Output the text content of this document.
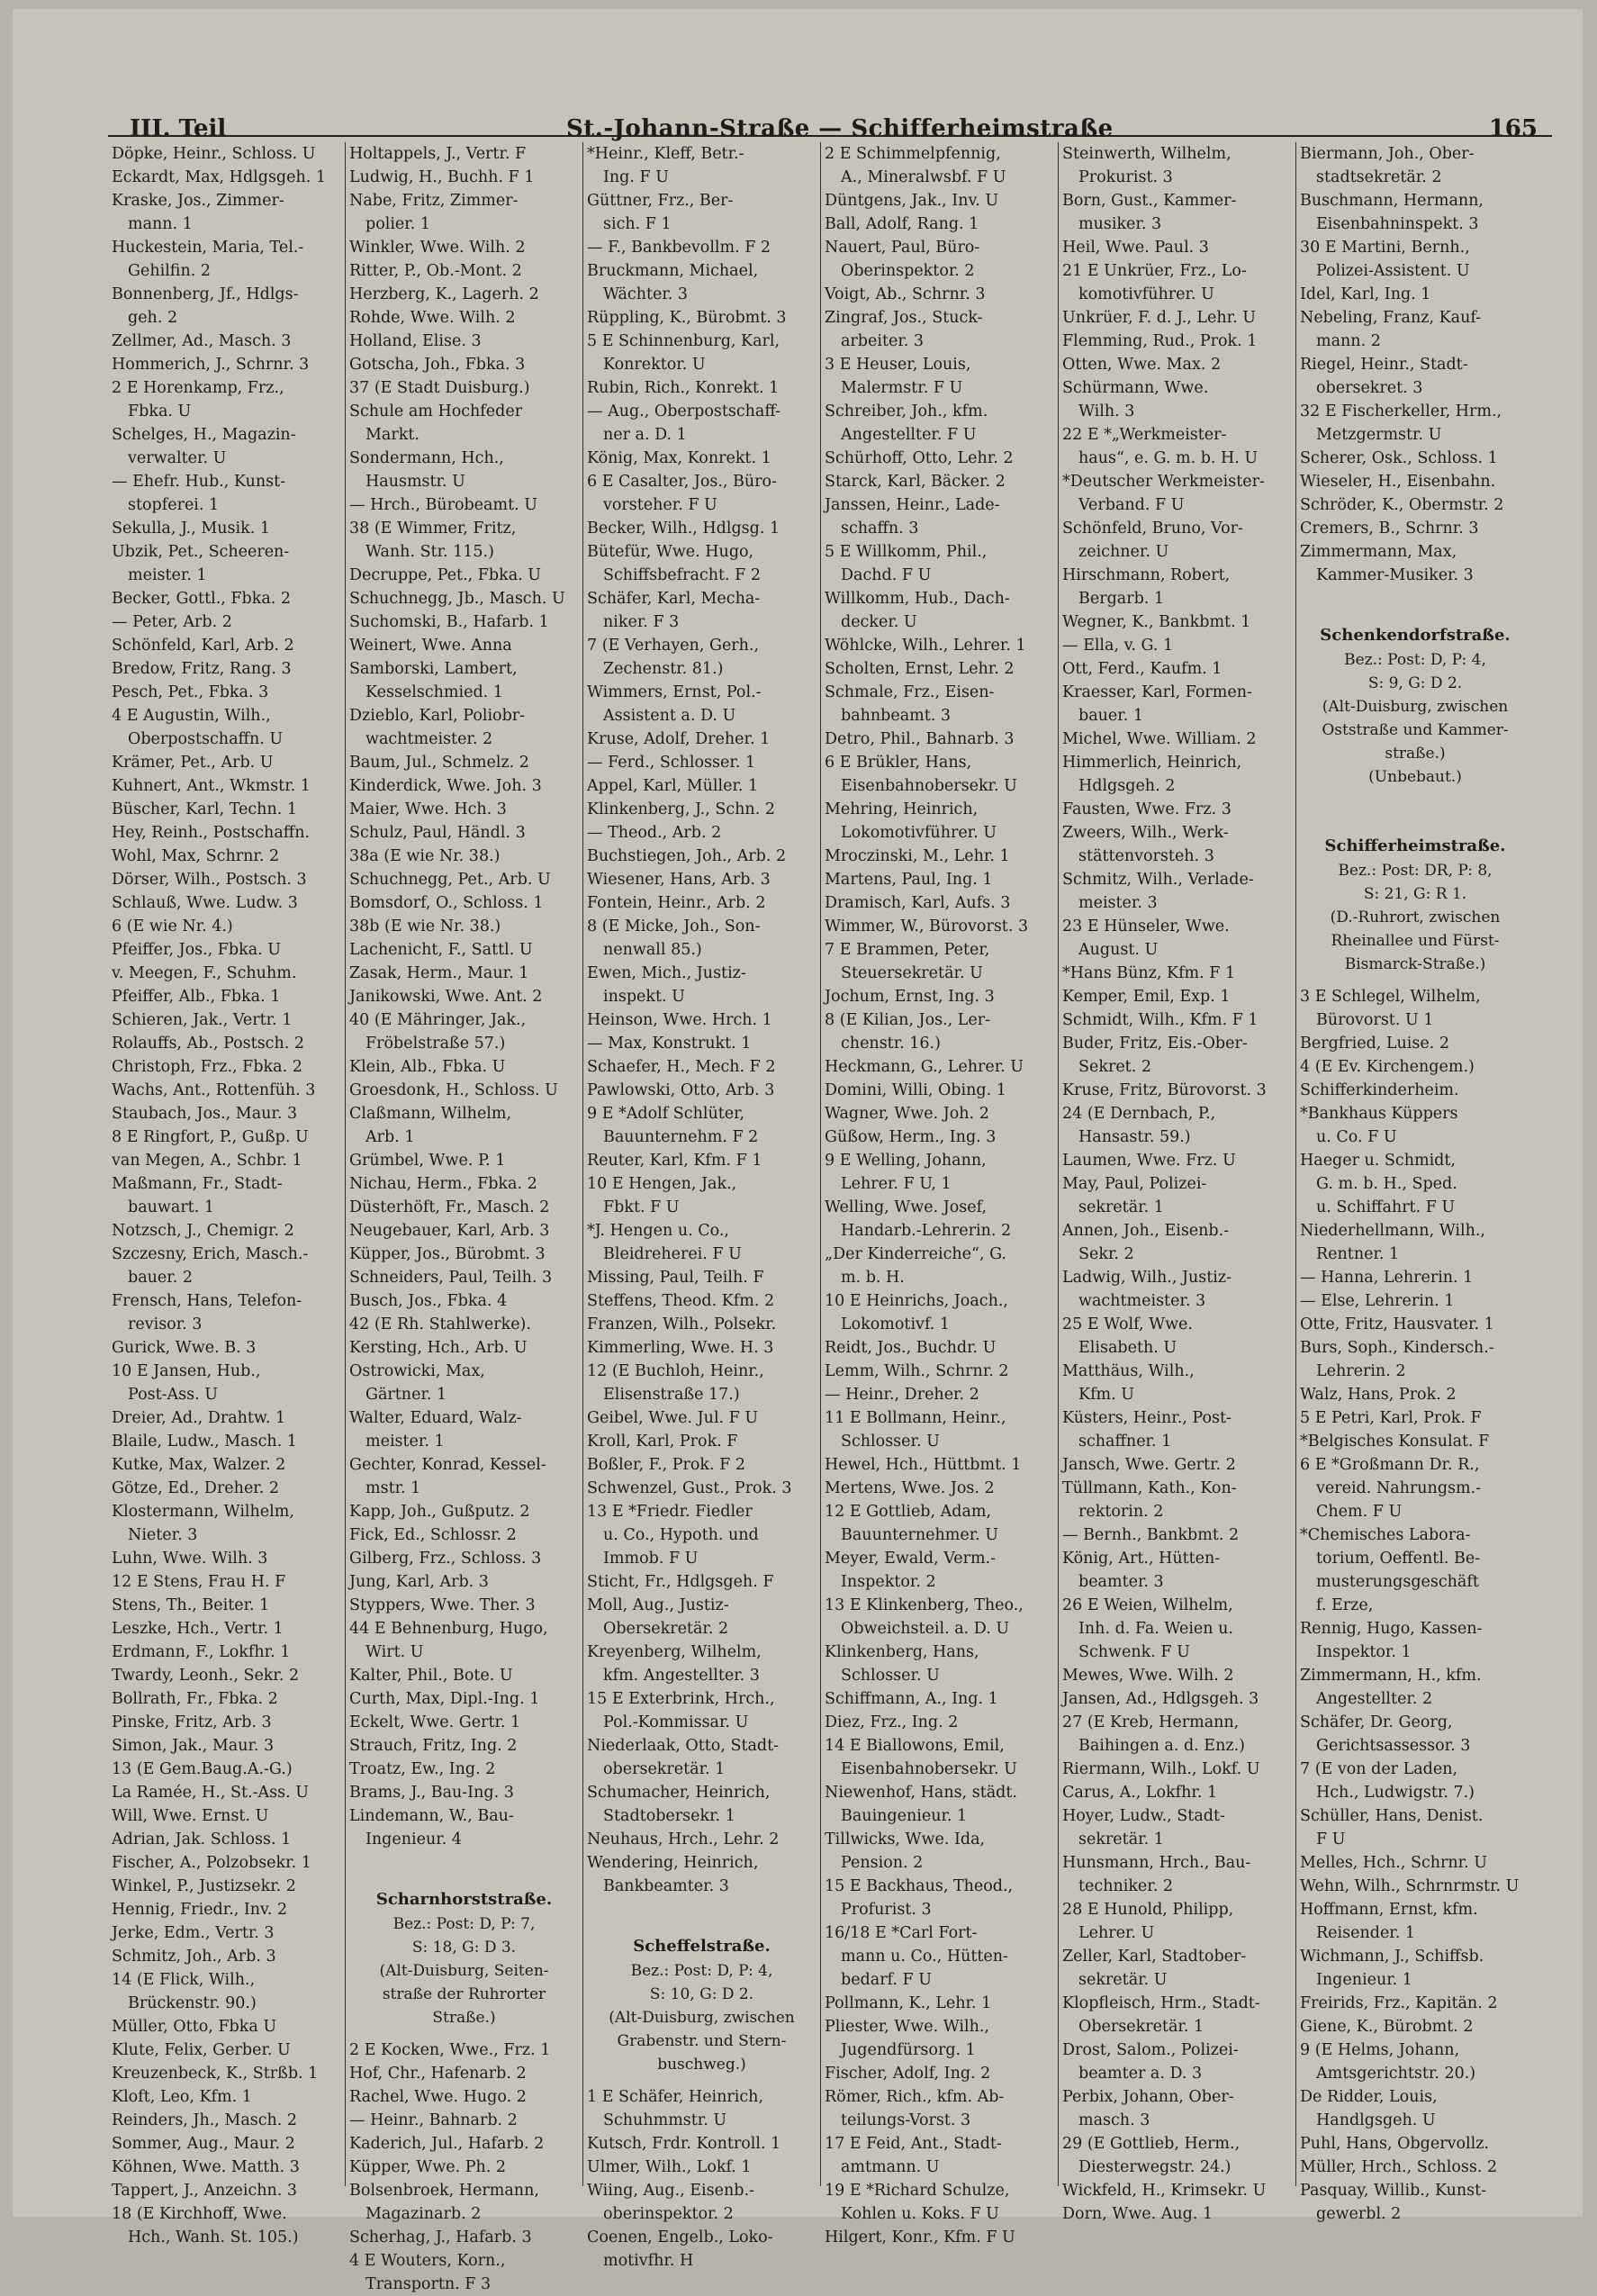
III. Teil	St.-Johann-Straße — Schifferheimstraße	165
Döpke, Heinr., Schloss. U
Eckardt, Max, Hdlgsgeh. 1
Kraske, Jos., Zimmer-
mann. 1
Huckestein, Maria, Tel.-
Gehilfin. 2
Bonnenberg, Jf., Hdlgs-
geh. 2
Zellmer, Ad., Masch. 3
Hommerich, J., Schrnr. 3
2 E Horenkamp, Frz.,
Fbka. U
Schelges, H., Magazin-
verwalter. U
— Ehefr. Hub., Kunst-
stopferei. 1
Sekulla, J., Musik. 1
Ubzik, Pet., Scheeren-
meister. 1
Becker, Gottl., Fbka. 2
— Peter, Arb. 2
Schönfeld, Karl, Arb. 2
Bredow, Fritz, Rang. 3
Pesch, Pet., Fbka. 3
4 E Augustin, Wilh.,
Oberpostschaffn. U
Krämer, Pet., Arb. U
Kuhnert, Ant., Wkmstr. 1
Büscher, Karl, Techn. 1
Hey, Reinh., Postschaffn.
Wohl, Max, Schrnr. 2
Dörser, Wilh., Postsch. 3
Schlauß, Wwe. Ludw. 3
6 (E wie Nr. 4.)
Pfeiffer, Jos., Fbka. U
v. Meegen, F., Schuhm.
Pfeiffer, Alb., Fbka. 1
Schieren, Jak., Vertr. 1
Rolauffs, Ab., Postsch. 2
Christoph, Frz., Fbka. 2
Wachs, Ant., Rottenfüh. 3
Staubach, Jos., Maur. 3
8 E Ringfort, P., Gußp. U
van Megen, A., Schbr. 1
Maßmann, Fr., Stadt-
bauwart. 1
Notzsch, J., Chemigr. 2
Szczesny, Erich, Masch.-
bauer. 2
Frensch, Hans, Telefon-
revisor. 3
Gurick, Wwe. B. 3
10 E Jansen, Hub.,
Post-Ass. U
Dreier, Ad., Drahtw. 1
Blaile, Ludw., Masch. 1
Kutke, Max, Walzer. 2
Götze, Ed., Dreher. 2
Klostermann, Wilhelm,
Nieter. 3
Luhn, Wwe. Wilh. 3
12 E Stens, Frau H. F
Stens, Th., Beiter. 1
Leszke, Hch., Vertr. 1
Erdmann, F., Lokfhr. 1
Twardy, Leonh., Sekr. 2
Bollrath, Fr., Fbka. 2
Pinske, Fritz, Arb. 3
Simon, Jak., Maur. 3
13 (E Gem.Baug.A.-G.)
La Ramée, H., St.-Ass. U
Will, Wwe. Ernst. U
Adrian, Jak. Schloss. 1
Fischer, A., Polzobsekr. 1
Winkel, P., Justizsekr. 2
Hennig, Friedr., Inv. 2
Jerke, Edm., Vertr. 3
Schmitz, Joh., Arb. 3
14 (E Flick, Wilh.,
Brückenstr. 90.)
Müller, Otto, Fbka U
Klute, Felix, Gerber. U
Kreuzenbeck, K., Strßb. 1
Kloft, Leo, Kfm. 1
Reinders, Jh., Masch. 2
Sommer, Aug., Maur. 2
Köhnen, Wwe. Matth. 3
Tappert, J., Anzeichn. 3
18 (E Kirchhoff, Wwe.
Hch., Wanh. St. 105.)
Holtappels, J., Vertr. F
Ludwig, H., Buchh. F 1
Nabe, Fritz, Zimmer-
polier. 1
Winkler, Wwe. Wilh. 2
Ritter, P., Ob.-Mont. 2
Herzberg, K., Lagerh. 2
Rohde, Wwe. Wilh. 2
Holland, Elise. 3
Gotscha, Joh., Fbka. 3
37 (E Stadt Duisburg.)
Schule am Hochfeder
Markt.
Sondermann, Hch.,
Hausmstr. U
— Hrch., Bürobeamt. U
38 (E Wimmer, Fritz,
Wanh. Str. 115.)
Decruppe, Pet., Fbka. U
Schuchnegg, Jb., Masch. U
Suchomski, B., Hafarb. 1
Weinert, Wwe. Anna
Samborski, Lambert,
Kesselschmied. 1
Dzieblo, Karl, Poliobr-
wachtmeister. 2
Baum, Jul., Schmelz. 2
Kinderdick, Wwe. Joh. 3
Maier, Wwe. Hch. 3
Schulz, Paul, Händl. 3
38a (E wie Nr. 38.)
Schuchnegg, Pet., Arb. U
Bomsdorf, O., Schloss. 1
38b (E wie Nr. 38.)
Lachenicht, F., Sattl. U
Zasak, Herm., Maur. 1
Janikowski, Wwe. Ant. 2
40 (E Mähringer, Jak.,
Fröbelstraße 57.)
Klein, Alb., Fbka. U
Groesdonk, H., Schloss. U
Claßmann, Wilhelm,
Arb. 1
Grümbel, Wwe. P. 1
Nichau, Herm., Fbka. 2
Düsterhöft, Fr., Masch. 2
Neugebauer, Karl, Arb. 3
Küpper, Jos., Bürobmt. 3
Schneiders, Paul, Teilh. 3
Busch, Jos., Fbka. 4
42 (E Rh. Stahlwerke).
Kersting, Hch., Arb. U
Ostrowicki, Max,
Gärtner. 1
Walter, Eduard, Walz-
meister. 1
Gechter, Konrad, Kessel-
mstr. 1
Kapp, Joh., Gußputz. 2
Fick, Ed., Schlossr. 2
Gilberg, Frz., Schloss. 3
Jung, Karl, Arb. 3
Styppers, Wwe. Ther. 3
44 E Behnenburg, Hugo,
Wirt. U
Kalter, Phil., Bote. U
Curth, Max, Dipl.-Ing. 1
Eckelt, Wwe. Gertr. 1
Strauch, Fritz, Ing. 2
Troatz, Ew., Ing. 2
Brams, J., Bau-Ing. 3
Lindemann, W., Bau-
Ingenieur. 4
Scharnhorststraße.
Bez.: Post: D, P: 7,
S: 18, G: D 3.
(Alt-Duisburg, Seiten-
straße der Ruhrorter
Straße.)
2 E Kocken, Wwe., Frz. 1
Hof, Chr., Hafenarb. 2
Rachel, Wwe. Hugo. 2
— Heinr., Bahnarb. 2
Kaderich, Jul., Hafarb. 2
Küpper, Wwe. Ph. 2
Bolsenbroek, Hermann,
Magazinarb. 2
Scherhag, J., Hafarb. 3
4 E Wouters, Korn.,
Transportn. F 3
*Heinr., Kleff, Betr.-
Ing. F U
Güttner, Frz., Ber-
sich. F 1
— F., Bankbevollm. F 2
Bruckmann, Michael,
Wächter. 3
Rüppling, K., Bürobmt. 3
5 E Schinnenburg, Karl,
Konrektor. U
Rubin, Rich., Konrekt. 1
— Aug., Oberpostschaff-
ner a. D. 1
König, Max, Konrekt. 1
6 E Casalter, Jos., Büro-
vorsteher. F U
Becker, Wilh., Hdlgsg. 1
Bütefür, Wwe. Hugo,
Schiffsbefracht. F 2
Schäfer, Karl, Mecha-
niker. F 3
7 (E Verhayen, Gerh.,
Zechenstr. 81.)
Wimmers, Ernst, Pol.-
Assistent a. D. U
Kruse, Adolf, Dreher. 1
— Ferd., Schlosser. 1
Appel, Karl, Müller. 1
Klinkenberg, J., Schn. 2
— Theod., Arb. 2
Buchstiegen, Joh., Arb. 2
Wiesener, Hans, Arb. 3
Fontein, Heinr., Arb. 2
8 (E Micke, Joh., Son-
nenwall 85.)
Ewen, Mich., Justiz-
inspekt. U
Heinson, Wwe. Hrch. 1
— Max, Konstrukt. 1
Schaefer, H., Mech. F 2
Pawlowski, Otto, Arb. 3
9 E *Adolf Schlüter,
Bauunternehm. F 2
Reuter, Karl, Kfm. F 1
10 E Hengen, Jak.,
Fbkt. F U
*J. Hengen u. Co.,
Bleidreherei. F U
Missing, Paul, Teilh. F
Steffens, Theod. Kfm. 2
Franzen, Wilh., Polsekr.
Kimmerling, Wwe. H. 3
12 (E Buchloh, Heinr.,
Elisenstraße 17.)
Geibel, Wwe. Jul. F U
Kroll, Karl, Prok. F
Boßler, F., Prok. F 2
Schwenzel, Gust., Prok. 3
13 E *Friedr. Fiedler
u. Co., Hypoth. und
Immob. F U
Sticht, Fr., Hdlgsgeh. F
Moll, Aug., Justiz-
Obersekretär. 2
Kreyenberg, Wilhelm,
kfm. Angestellter. 3
15 E Exterbrink, Hrch.,
Pol.-Kommissar. U
Niederlaak, Otto, Stadt-
obersekretär. 1
Schumacher, Heinrich,
Stadtobersekr. 1
Neuhaus, Hrch., Lehr. 2
Wendering, Heinrich,
Bankbeamter. 3
Scheffelstraße.
Bez.: Post: D, P: 4,
S: 10, G: D 2.
(Alt-Duisburg, zwischen
Grabenstr. und Stern-
buschweg.)
1 E Schäfer, Heinrich,
Schuhmmstr. U
Kutsch, Frdr. Kontroll. 1
Ulmer, Wilh., Lokf. 1
Wiing, Aug., Eisenb.-
oberinspektor. 2
Coenen, Engelb., Loko-
motivfhr. H
2 E Schimmelpfennig,
A., Mineralwsbf. F U
Düntgens, Jak., Inv. U
Ball, Adolf, Rang. 1
Nauert, Paul, Büro-
Oberinspektor. 2
Voigt, Ab., Schrnr. 3
Zingraf, Jos., Stuck-
arbeiter. 3
3 E Heuser, Louis,
Malermstr. F U
Schreiber, Joh., kfm.
Angestellter. F U
Schürhoff, Otto, Lehr. 2
Starck, Karl, Bäcker. 2
Janssen, Heinr., Lade-
schaffn. 3
5 E Willkomm, Phil.,
Dachd. F U
Willkomm, Hub., Dach-
decker. U
Wöhlcke, Wilh., Lehrer. 1
Scholten, Ernst, Lehr. 2
Schmale, Frz., Eisen-
bahnbeamt. 3
Detro, Phil., Bahnarb. 3
6 E Brükler, Hans,
Eisenbahnobersekr. U
Mehring, Heinrich,
Lokomotivführer. U
Mroczinski, M., Lehr. 1
Martens, Paul, Ing. 1
Dramisch, Karl, Aufs. 3
Wimmer, W., Bürovorst. 3
7 E Brammen, Peter,
Steuersekretär. U
Jochum, Ernst, Ing. 3
8 (E Kilian, Jos., Ler-
chenstr. 16.)
Heckmann, G., Lehrer. U
Domini, Willi, Obing. 1
Wagner, Wwe. Joh. 2
Güßow, Herm., Ing. 3
9 E Welling, Johann,
Lehrer. F U, 1
Welling, Wwe. Josef,
Handarb.-Lehrerin. 2
„Der Kinderreiche“, G.
m. b. H.
10 E Heinrichs, Joach.,
Lokomotivf. 1
Reidt, Jos., Buchdr. U
Lemm, Wilh., Schrnr. 2
— Heinr., Dreher. 2
11 E Bollmann, Heinr.,
Schlosser. U
Hewel, Hch., Hüttbmt. 1
Mertens, Wwe. Jos. 2
12 E Gottlieb, Adam,
Bauunternehmer. U
Meyer, Ewald, Verm.-
Inspektor. 2
13 E Klinkenberg, Theo.,
Obweichsteil. a. D. U
Klinkenberg, Hans,
Schlosser. U
Schiffmann, A., Ing. 1
Diez, Frz., Ing. 2
14 E Biallowons, Emil,
Eisenbahnobersekr. U
Niewenhof, Hans, städt.
Bauingenieur. 1
Tillwicks, Wwe. Ida,
Pension. 2
15 E Backhaus, Theod.,
Profurist. 3
16/18 E *Carl Fort-
mann u. Co., Hütten-
bedarf. F U
Pollmann, K., Lehr. 1
Pliester, Wwe. Wilh.,
Jugendfürsorg. 1
Fischer, Adolf, Ing. 2
Römer, Rich., kfm. Ab-
teilungs-Vorst. 3
17 E Feid, Ant., Stadt-
amtmann. U
19 E *Richard Schulze,
Kohlen u. Koks. F U
Hilgert, Konr., Kfm. F U
Steinwerth, Wilhelm,
Prokurist. 3
Born, Gust., Kammer-
musiker. 3
Heil, Wwe. Paul. 3
21 E Unkrüer, Frz., Lo-
komotivführer. U
Unkrüer, F. d. J., Lehr. U
Flemming, Rud., Prok. 1
Otten, Wwe. Max. 2
Schürmann, Wwe.
Wilh. 3
22 E *„Werkmeister-
haus“, e. G. m. b. H. U
*Deutscher Werkmeister-
Verband. F U
Schönfeld, Bruno, Vor-
zeichner. U
Hirschmann, Robert,
Bergarb. 1
Wegner, K., Bankbmt. 1
— Ella, v. G. 1
Ott, Ferd., Kaufm. 1
Kraesser, Karl, Formen-
bauer. 1
Michel, Wwe. William. 2
Himmerlich, Heinrich,
Hdlgsgeh. 2
Fausten, Wwe. Frz. 3
Zweers, Wilh., Werk-
stättenvorsteh. 3
Schmitz, Wilh., Verlade-
meister. 3
23 E Hünseler, Wwe.
August. U
*Hans Bünz, Kfm. F 1
Kemper, Emil, Exp. 1
Schmidt, Wilh., Kfm. F 1
Buder, Fritz, Eis.-Ober-
Sekret. 2
Kruse, Fritz, Bürovorst. 3
24 (E Dernbach, P.,
Hansastr. 59.)
Laumen, Wwe. Frz. U
May, Paul, Polizei-
sekretär. 1
Annen, Joh., Eisenb.-
Sekr. 2
Ladwig, Wilh., Justiz-
wachtmeister. 3
25 E Wolf, Wwe.
Elisabeth. U
Matthäus, Wilh.,
Kfm. U
Küsters, Heinr., Post-
schaffner. 1
Jansch, Wwe. Gertr. 2
Tüllmann, Kath., Kon-
rektorin. 2
— Bernh., Bankbmt. 2
König, Art., Hütten-
beamter. 3
26 E Weien, Wilhelm,
Inh. d. Fa. Weien u.
Schwenk. F U
Mewes, Wwe. Wilh. 2
Jansen, Ad., Hdlgsgeh. 3
27 (E Kreb, Hermann,
Baihingen a. d. Enz.)
Riermann, Wilh., Lokf. U
Carus, A., Lokfhr. 1
Hoyer, Ludw., Stadt-
sekretär. 1
Hunsmann, Hrch., Bau-
techniker. 2
28 E Hunold, Philipp,
Lehrer. U
Zeller, Karl, Stadtober-
sekretär. U
Klopfleisch, Hrm., Stadt-
Obersekretär. 1
Drost, Salom., Polizei-
beamter a. D. 3
Perbix, Johann, Ober-
masch. 3
29 (E Gottlieb, Herm.,
Diesterwegstr. 24.)
Wickfeld, H., Krimsekr. U
Dorn, Wwe. Aug. 1
Biermann, Joh., Ober-
stadtsekretär. 2
Buschmann, Hermann,
Eisenbahninspekt. 3
30 E Martini, Bernh.,
Polizei-Assistent. U
Idel, Karl, Ing. 1
Nebeling, Franz, Kauf-
mann. 2
Riegel, Heinr., Stadt-
obersekret. 3
32 E Fischerkeller, Hrm.,
Metzgermstr. U
Scherer, Osk., Schloss. 1
Wieseler, H., Eisenbahn.
Schröder, K., Obermstr. 2
Cremers, B., Schrnr. 3
Zimmermann, Max,
Kammer-Musiker. 3
Schenkendorfstraße.
Bez.: Post: D, P: 4,
S: 9, G: D 2.
(Alt-Duisburg, zwischen
Oststraße und Kammer-
straße.)
(Unbebaut.)
Schifferheimstraße.
Bez.: Post: DR, P: 8,
S: 21, G: R 1.
(D.-Ruhrort, zwischen
Rheinallee und Fürst-
Bismarck-Straße.)
3 E Schlegel, Wilhelm,
Bürovorst. U 1
Bergfried, Luise. 2
4 (E Ev. Kirchengem.)
Schifferkinderheim.
*Bankhaus Küppers
u. Co. F U
Haeger u. Schmidt,
G. m. b. H., Sped.
u. Schiffahrt. F U
Niederhellmann, Wilh.,
Rentner. 1
— Hanna, Lehrerin. 1
— Else, Lehrerin. 1
Otte, Fritz, Hausvater. 1
Burs, Soph., Kindersch.-
Lehrerin. 2
Walz, Hans, Prok. 2
5 E Petri, Karl, Prok. F
*Belgisches Konsulat. F
6 E *Großmann Dr. R.,
vereid. Nahrungsm.-
Chem. F U
*Chemisches Labora-
torium, Oeffentl. Be-
musterungsgeschäft
f. Erze,
Rennig, Hugo, Kassen-
Inspektor. 1
Zimmermann, H., kfm.
Angestellter. 2
Schäfer, Dr. Georg,
Gerichtsassessor. 3
7 (E von der Laden,
Hch., Ludwigstr. 7.)
Schüller, Hans, Denist.
F U
Melles, Hch., Schrnr. U
Wehn, Wilh., Schrnrmstr. U
Hoffmann, Ernst, kfm.
Reisender. 1
Wichmann, J., Schiffsb.
Ingenieur. 1
Freirids, Frz., Kapitän. 2
Giene, K., Bürobmt. 2
9 (E Helms, Johann,
Amtsgerichtstr. 20.)
De Ridder, Louis,
Handlgsgeh. U
Puhl, Hans, Obgervollz.
Müller, Hrch., Schloss. 2
Pasquay, Willib., Kunst-
gewerbl. 2
